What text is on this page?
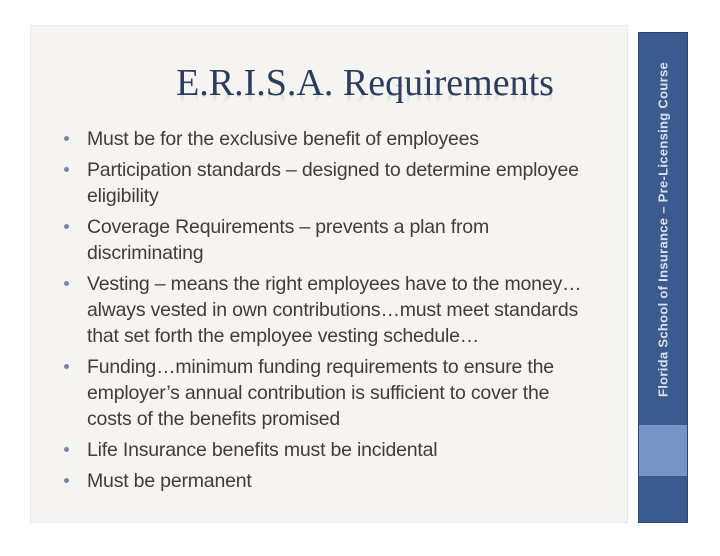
E.R.I.S.A. Requirements
Must be for the exclusive benefit of employees
Participation standards – designed to determine employee
eligibility
Coverage Requirements – prevents a plan from
discriminating
Vesting – means the right employees have to the money…
always vested in own contributions…must meet standards
that set forth the employee vesting schedule…
Funding…minimum funding requirements to ensure the
employer’s annual contribution is sufficient to cover the
costs of the benefits promised
Life Insurance benefits must be incidental
Must be permanent
Florida School of Insurance – Pre-Licensing Course
